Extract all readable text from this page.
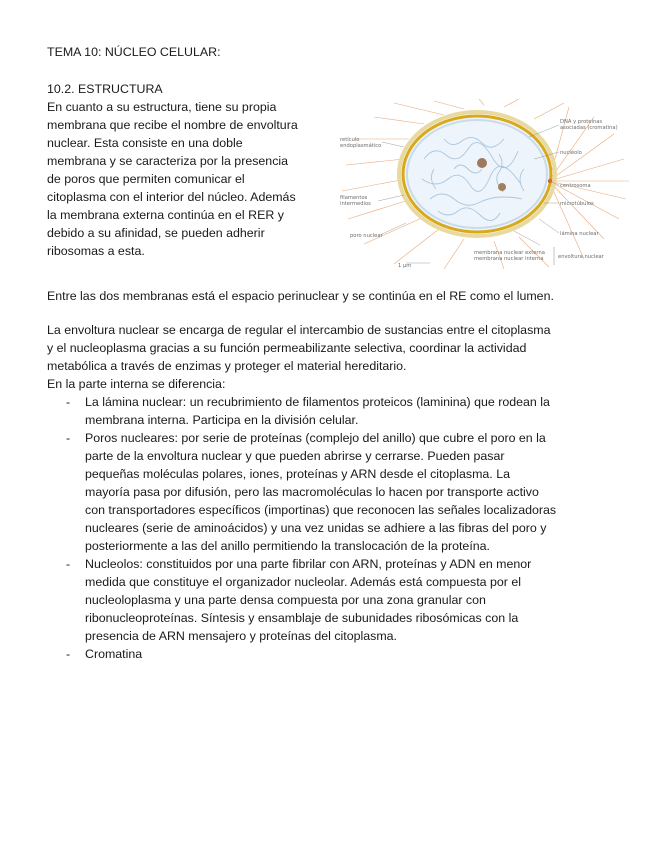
TEMA 10: NÚCLEO CELULAR:
10.2. ESTRUCTURA
En cuanto a su estructura, tiene su propia
membrana que recibe el nombre de envoltura
nuclear. Esta consiste en una doble
membrana y se caracteriza por la presencia
de poros que permiten comunicar el
citoplasma con el interior del núcleo. Además
la membrana externa continúa en el RER y
debido a su afinidad, se pueden adherir
ribosomas a esta.
retículo
endoplasmático
filamentos
intermedios
poro nuclear
DNA y proteínas
asociadas (cromatina)
nucléolo
centrosoma
microtúbulos
lámina nuclear
membrana nuclear externa
membrana nuclear interna	envoltura nuclear
1 µm
Entre las dos membranas está el espacio perinuclear y se continúa en el RE como el lumen.
La envoltura nuclear se encarga de regular el intercambio de sustancias entre el citoplasma
y el nucleoplasma gracias a su función permeabilizante selectiva, coordinar la actividad
metabólica a través de enzimas y proteger el material hereditario.
En la parte interna se diferencia:
- La lámina nuclear: un recubrimiento de filamentos proteicos (laminina) que rodean la
membrana interna. Participa en la división celular.
- Poros nucleares: por serie de proteínas (complejo del anillo) que cubre el poro en la
parte de la envoltura nuclear y que pueden abrirse y cerrarse. Pueden pasar
pequeñas moléculas polares, iones, proteínas y ARN desde el citoplasma. La
mayoría pasa por difusión, pero las macromoléculas lo hacen por transporte activo
con transportadores específicos (importinas) que reconocen las señales localizadoras
nucleares (serie de aminoácidos) y una vez unidas se adhiere a las fibras del poro y
posteriormente a las del anillo permitiendo la translocación de la proteína.
- Nucleolos: constituidos por una parte fibrilar con ARN, proteínas y ADN en menor
medida que constituye el organizador nucleolar. Además está compuesta por el
nucleoloplasma y una parte densa compuesta por una zona granular con
ribonucleoproteínas. Síntesis y ensamblaje de subunidades ribosómicas con la
presencia de ARN mensajero y proteínas del citoplasma.
- Cromatina
